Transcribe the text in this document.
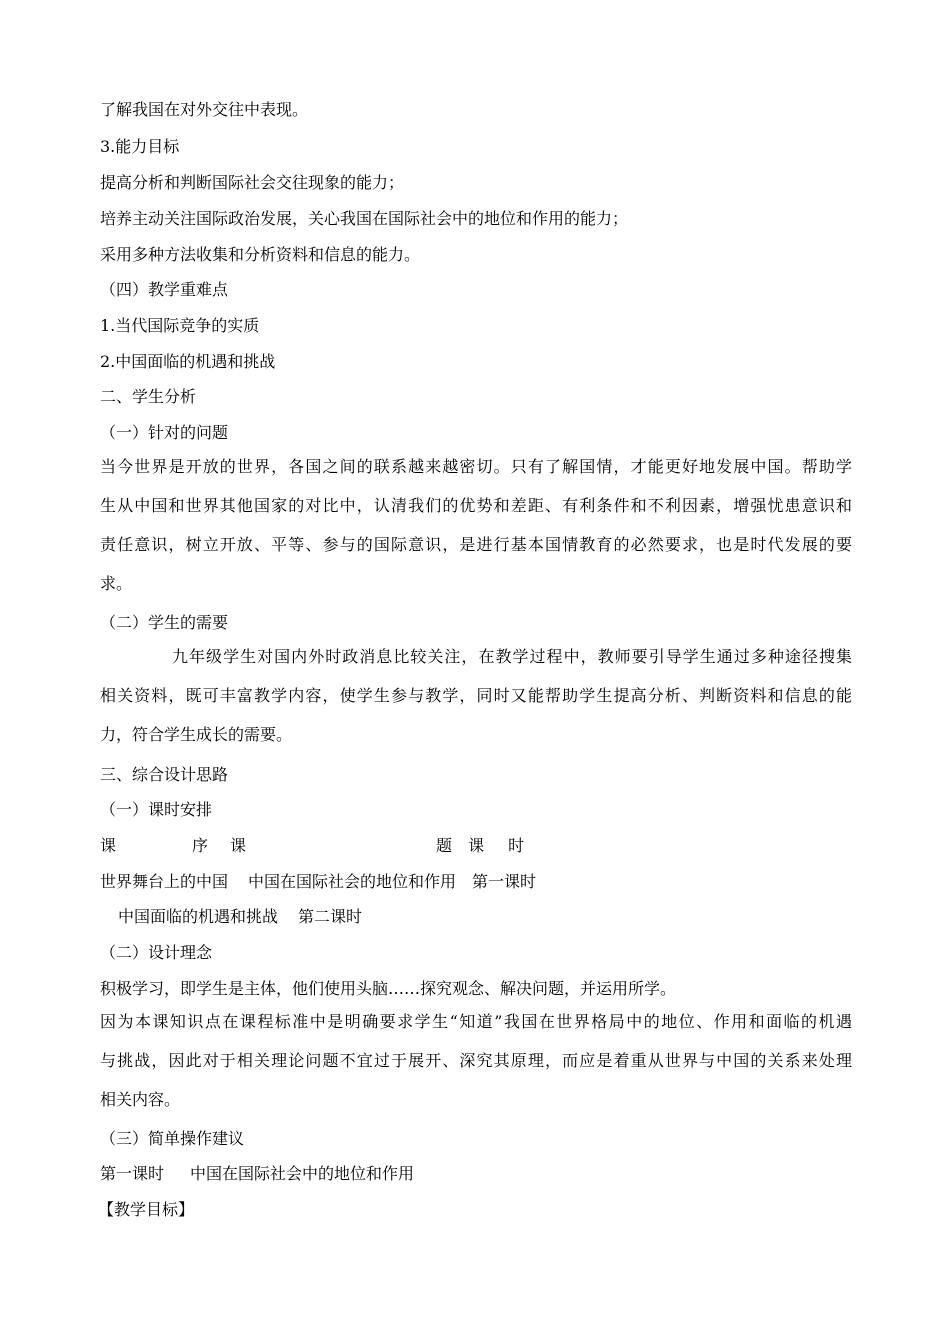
了解我国在对外交往中表现。
3.能力目标
提高分析和判断国际社会交往现象的能力；
培养主动关注国际政治发展，关心我国在国际社会中的地位和作用的能力；
采用多种方法收集和分析资料和信息的能力。
（四）教学重难点
1.当代国际竞争的实质
2.中国面临的机遇和挑战
二、学生分析
（一）针对的问题
当今世界是开放的世界，各国之间的联系越来越密切。只有了解国情，才能更好地发展中国。帮助学
生从中国和世界其他国家的对比中，认清我们的优势和差距、有利条件和不利因素，增强忧患意识和
责任意识，树立开放、平等、参与的国际意识，是进行基本国情教育的必然要求，也是时代发展的要
求。
（二）学生的需要
九年级学生对国内外时政消息比较关注，在教学过程中，教师要引导学生通过多种途径搜集
相关资料，既可丰富教学内容，使学生参与教学，同时又能帮助学生提高分析、判断资料和信息的能
力，符合学生成长的需要。
三、综合设计思路
（一）课时安排
课	序 课	题 课 时
世界舞台上的中国 中国在国际社会的地位和作用 第一课时
中国面临的机遇和挑战 第二课时
（二）设计理念
积极学习，即学生是主体，他们使用头脑……探究观念、解决问题，并运用所学。
因为本课知识点在课程标准中是明确要求学生“知道”我国在世界格局中的地位、作用和面临的机遇
与挑战，因此对于相关理论问题不宜过于展开、深究其原理，而应是着重从世界与中国的关系来处理
相关内容。
（三）简单操作建议
第一课时 中国在国际社会中的地位和作用
【教学目标】
